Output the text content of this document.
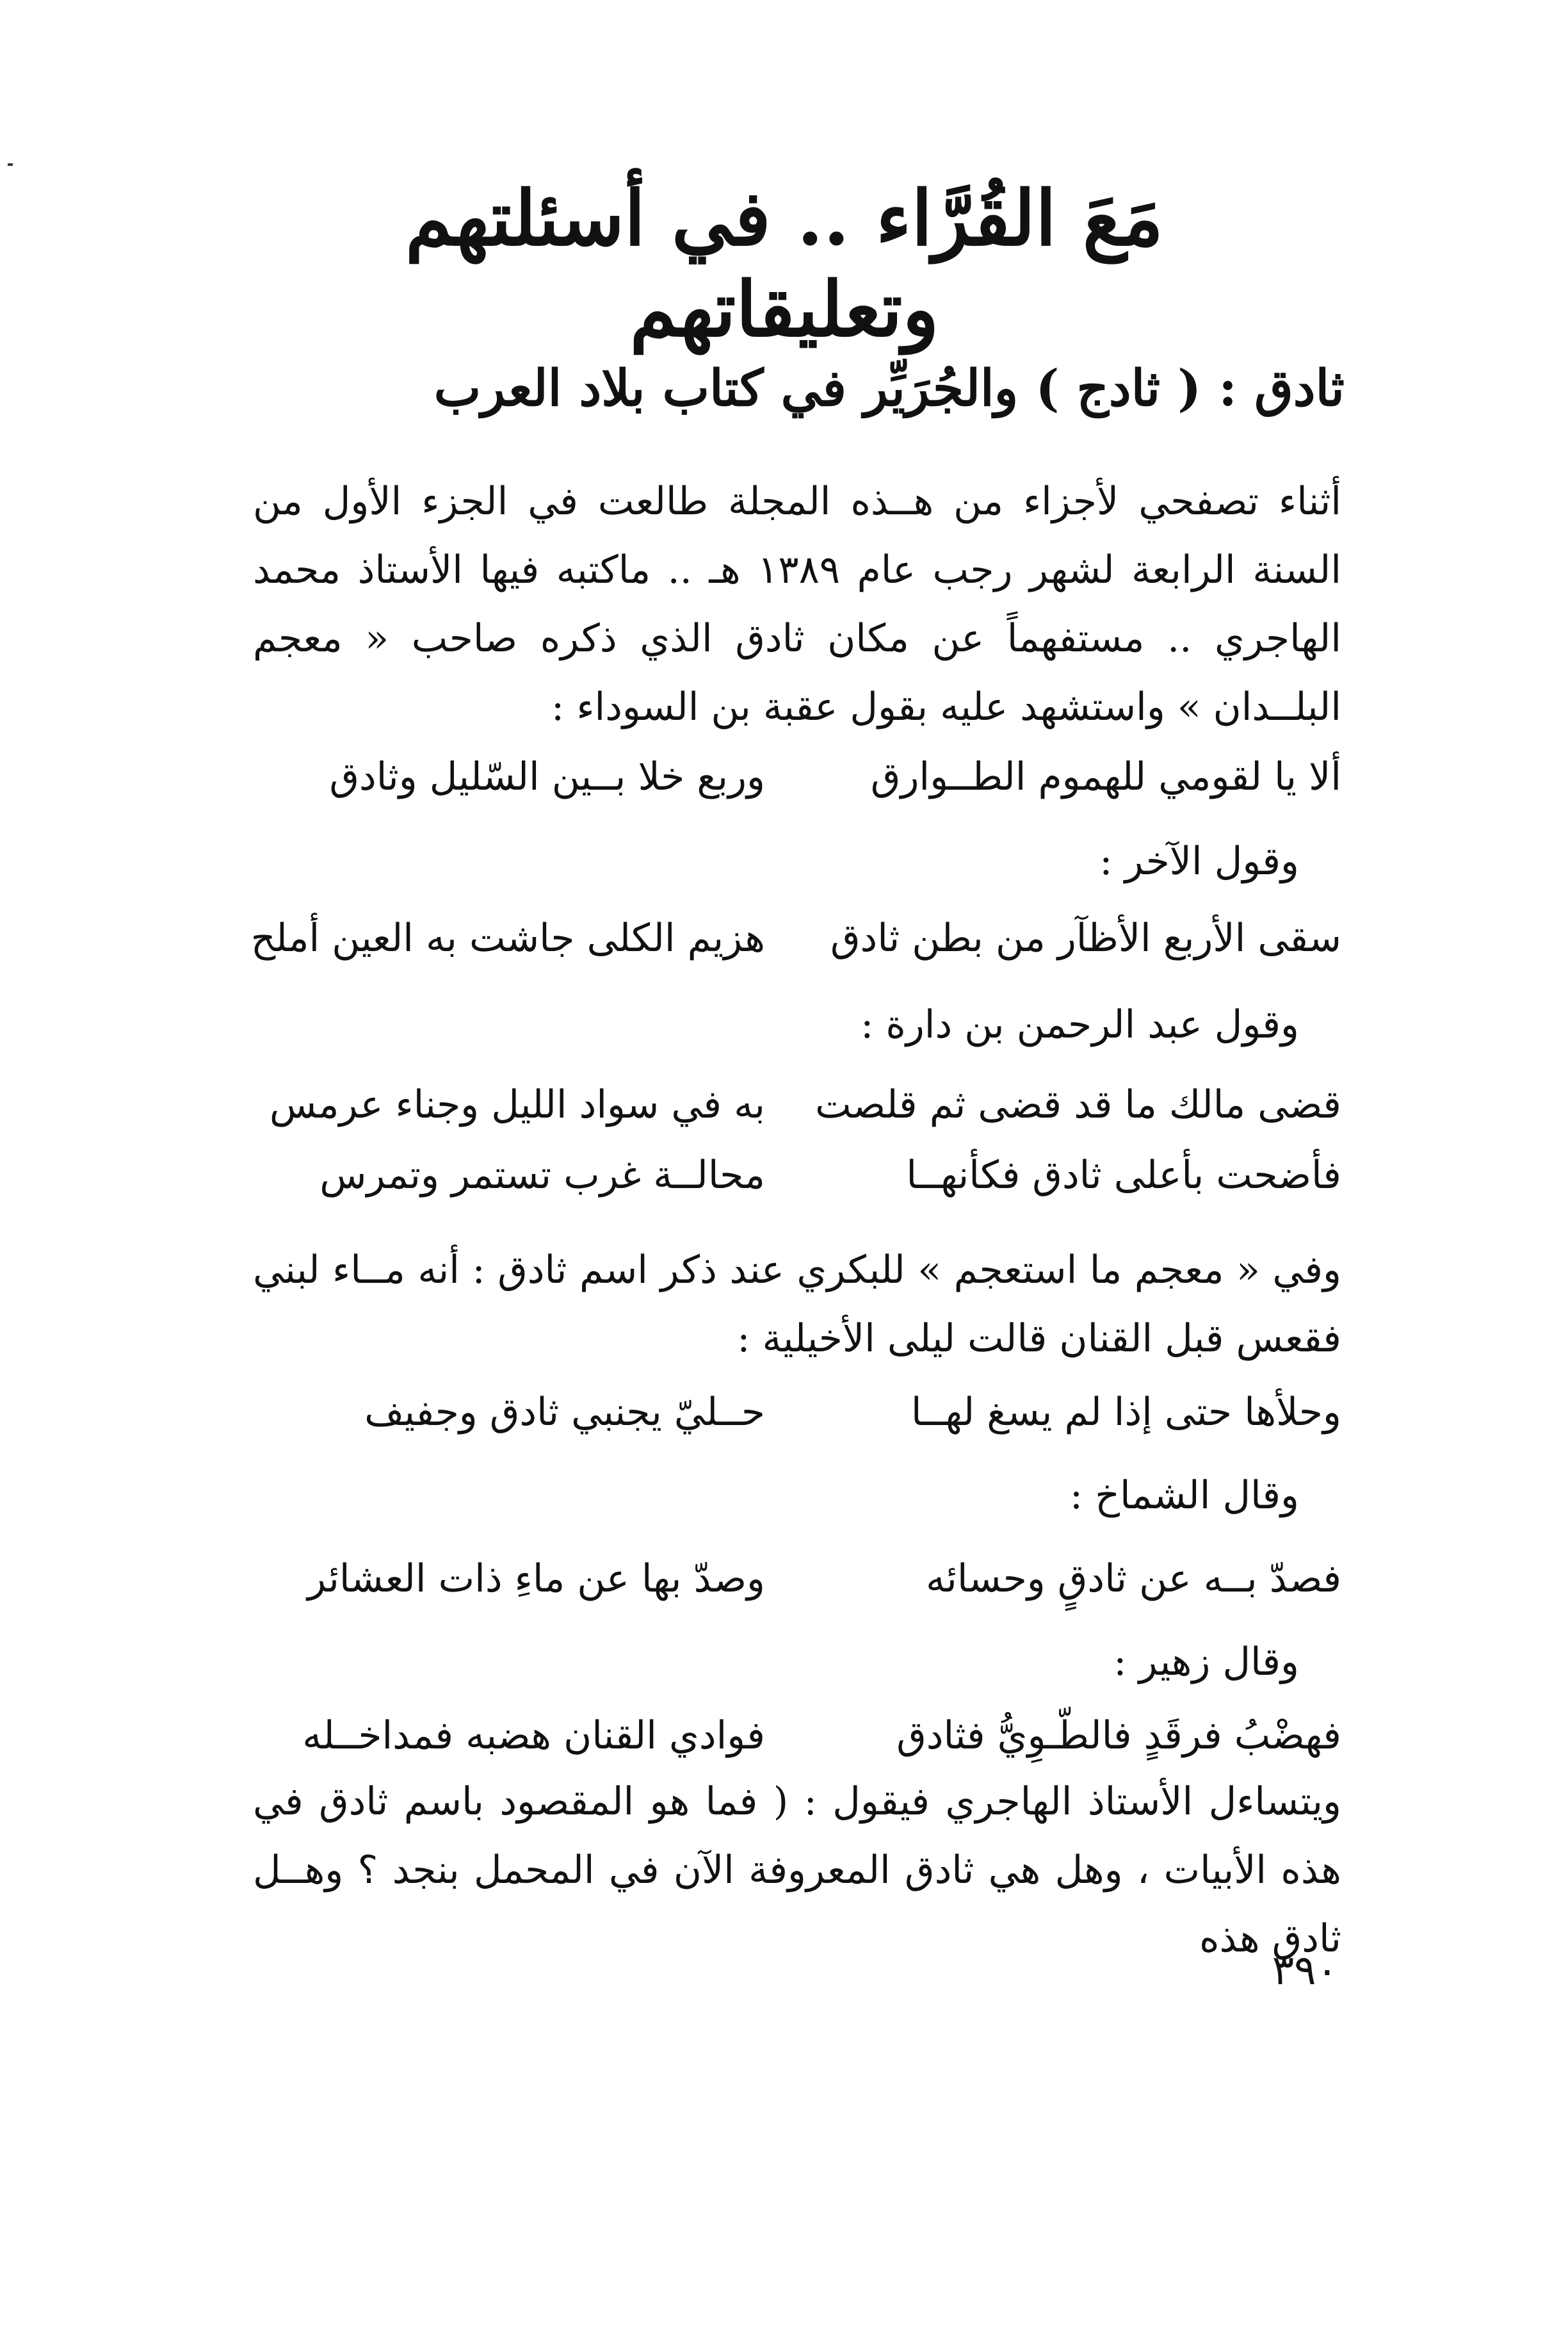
مَعَ القُرَّاء .. في أسئلتهم وتعليقاتهم
ثادق : ( ثادج ) والجُرَيِّر في كتاب بلاد العرب

أثناء تصفحي لأجزاء من هــذه المجلة طالعت في الجزء الأول من السنة الرابعة لشهر رجب عام ١٣٨٩ هـ .. ماكتبه فيها الأستاذ محمد الهاجري .. مستفهماً عن مكان ثادق الذي ذكره صاحب « معجم البلــدان » واستشهد عليه بقول عقبة بن السوداء :

ألا يا لقومي للهموم الطــوارق
وربع خلا بــين السّليل وثادق
وقول الآخر :
سقى الأربع الأظآر من بطن ثادق
هزيم الكلى جاشت به العين أملح
وقول عبد الرحمن بن دارة :
قضى مالك ما قد قضى ثم قلصت
به في سواد الليل وجناء عرمس
فأضحت بأعلى ثادق فكأنهــا
محالــة غرب تستمر وتمرس

وفي « معجم ما استعجم » للبكري عند ذكر اسم ثادق : أنه مــاء لبني فقعس قبل القنان قالت ليلى الأخيلية :

وحلأها حتى إذا لم يسغ لهــا
حــليّ يجنبي ثادق وجفيف
وقال الشماخ :
فصدّ بــه عن ثادقٍ وحسائه
وصدّ بها عن ماءِ ذات العشائر
وقال زهير :
فهضْبُ فرقَدٍ فالطّـوِيُّ فثادق
فوادي القنان هضبه فمداخــله

ويتساءل الأستاذ الهاجري فيقول : ( فما هو المقصود باسم ثادق في هذه الأبيات ، وهل هي ثادق المعروفة الآن في المحمل بنجد ؟ وهــل ثادق هذه

٣٩٠
